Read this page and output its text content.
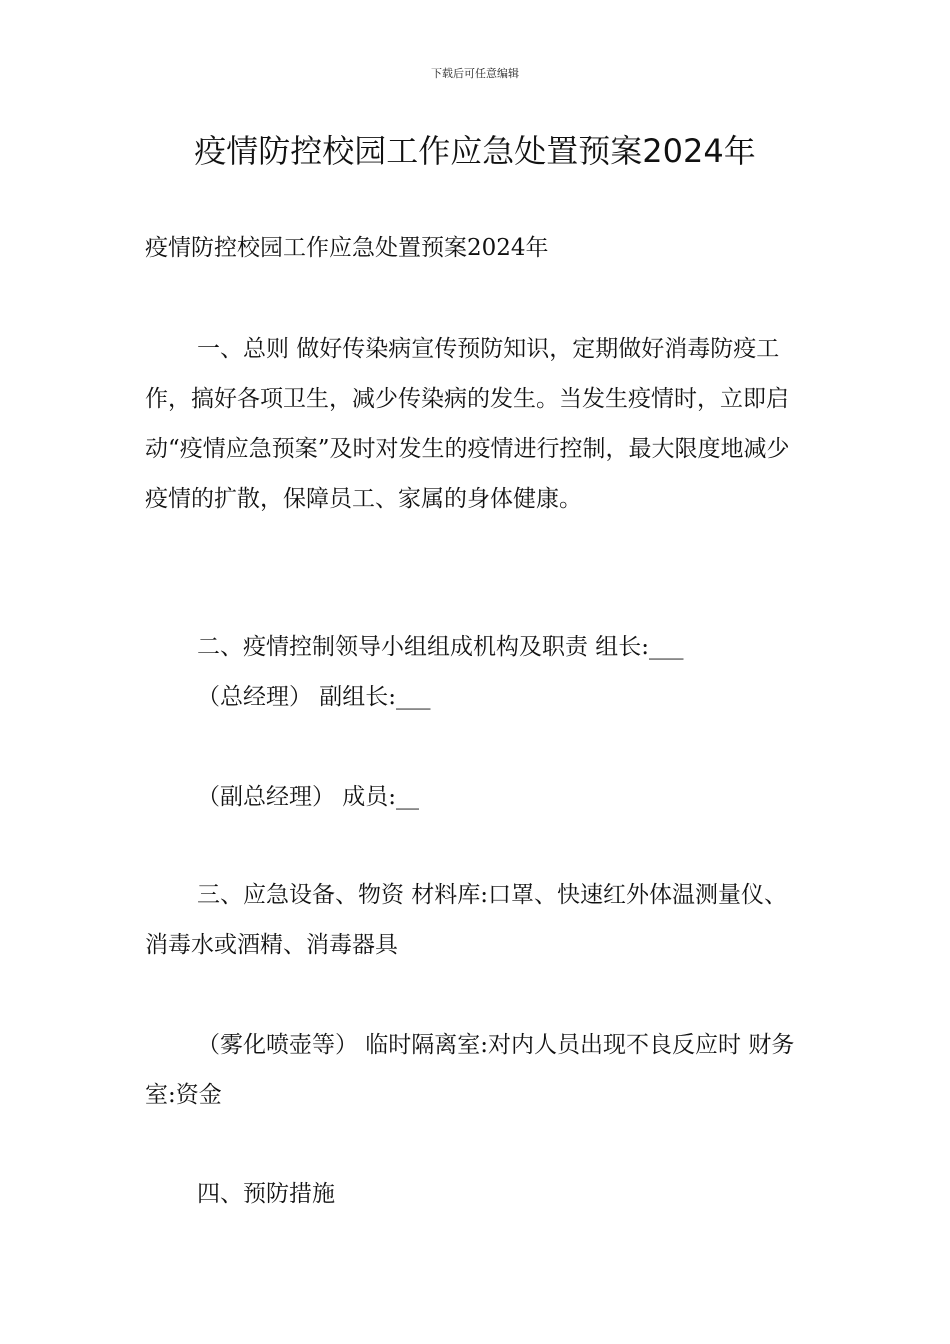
下载后可任意编辑
疫情防控校园工作应急处置预案2024年

疫情防控校园工作应急处置预案2024年

一、总则 做好传染病宣传预防知识，定期做好消毒防疫工作，搞好各项卫生，减少传染病的发生。当发生疫情时，立即启动“疫情应急预案”及时对发生的疫情进行控制，最大限度地减少疫情的扩散，保障员工、家属的身体健康。

二、疫情控制领导小组组成机构及职责 组长:___

（总经理） 副组长:___

（副总经理） 成员:__

三、应急设备、物资 材料库:口罩、快速红外体温测量仪、消毒水或酒精、消毒器具

（雾化喷壶等） 临时隔离室:对内人员出现不良反应时 财务室:资金

四、预防措施
